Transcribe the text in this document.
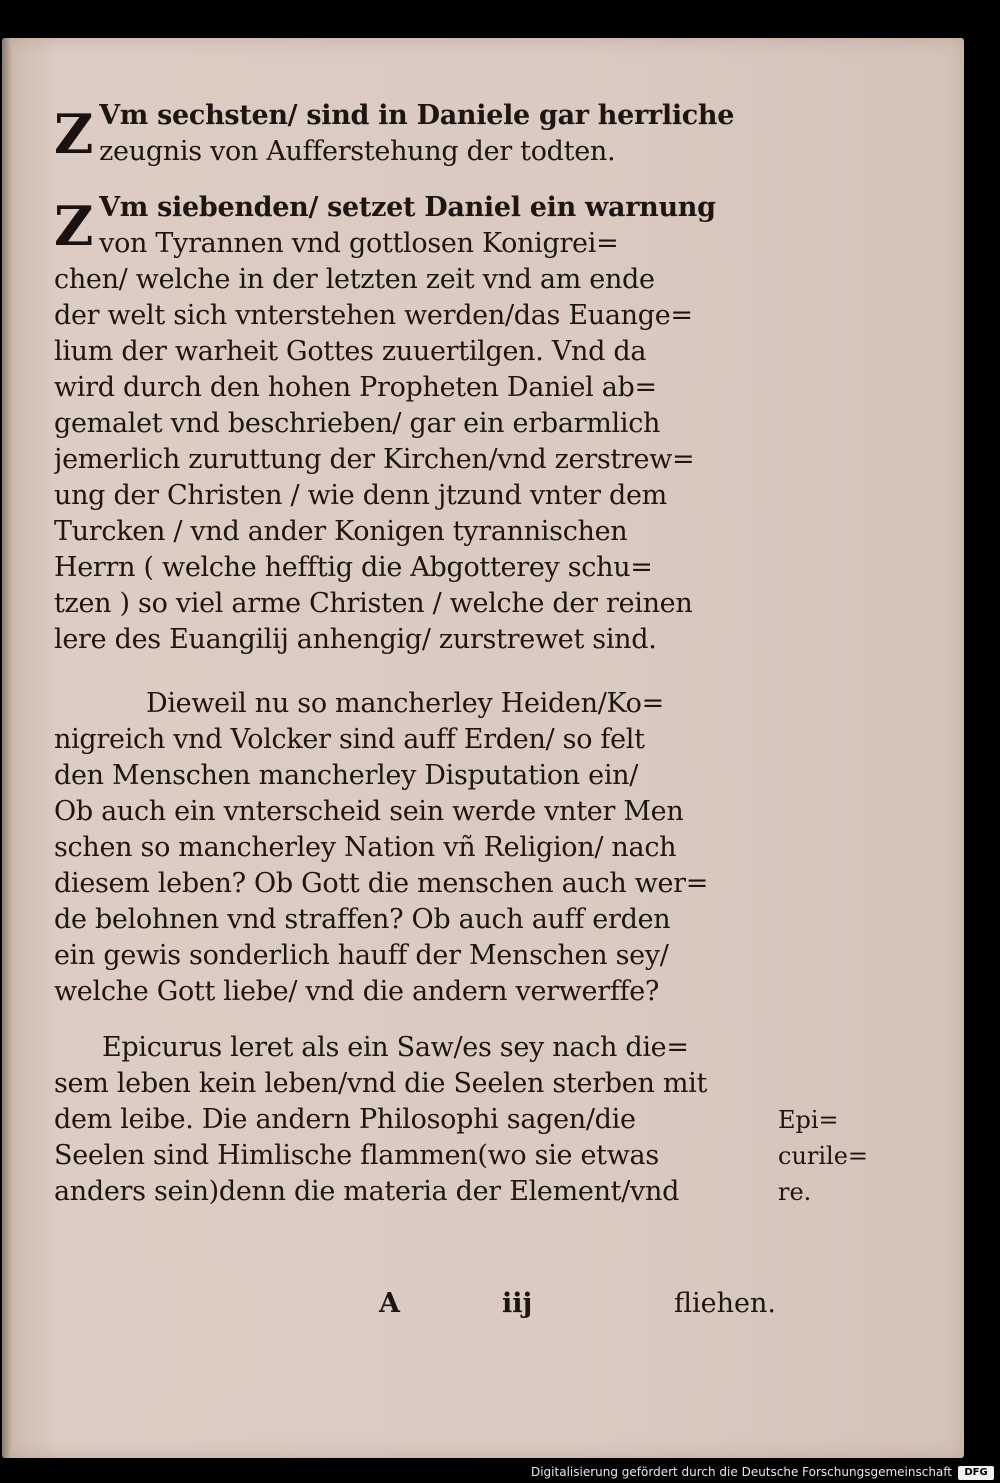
Z Vm sechsten/ sind in Daniele gar herrliche
zeugnis von Aufferstehung der todten.
Z Vm siebenden/ setzet Daniel ein warnung
von Tyrannen vnd gottlosen Konigrei=
chen/ welche in der letzten zeit vnd am ende
der welt sich vnterstehen werden/das Euange=
lium der warheit Gottes zuuertilgen. Vnd da
wird durch den hohen Propheten Daniel ab=
gemalet vnd beschrieben/ gar ein erbarmlich
jemerlich zuruttung der Kirchen/vnd zerstrew=
ung der Christen / wie denn jtzund vnter dem
Turcken / vnd ander Konigen tyrannischen
Herrn ( welche hefftig die Abgotterey schu=
tzen ) so viel arme Christen / welche der reinen
lere des Euangilij anhengig/ zurstrewet sind.
Dieweil nu so mancherley Heiden/Ko=
nigreich vnd Volcker sind auff Erden/ so felt
den Menschen mancherley Disputation ein/
Ob auch ein vnterscheid sein werde vnter Men
schen so mancherley Nation vñ Religion/ nach
diesem leben? Ob Gott die menschen auch wer=
de belohnen vnd straffen? Ob auch auff erden
ein gewis sonderlich hauff der Menschen sey/
welche Gott liebe/ vnd die andern verwerffe?
Epicurus leret als ein Saw/es sey nach die=
sem leben kein leben/vnd die Seelen sterben mit
dem leibe. Die andern Philosophi sagen/die
Seelen sind Himlische flammen(wo sie etwas
anders sein)denn die materia der Element/vnd
Epi=
curile=
re.
A	iij	fliehen.
Digitalisierung gefördert durch die Deutsche Forschungsgemeinschaft	DFG
